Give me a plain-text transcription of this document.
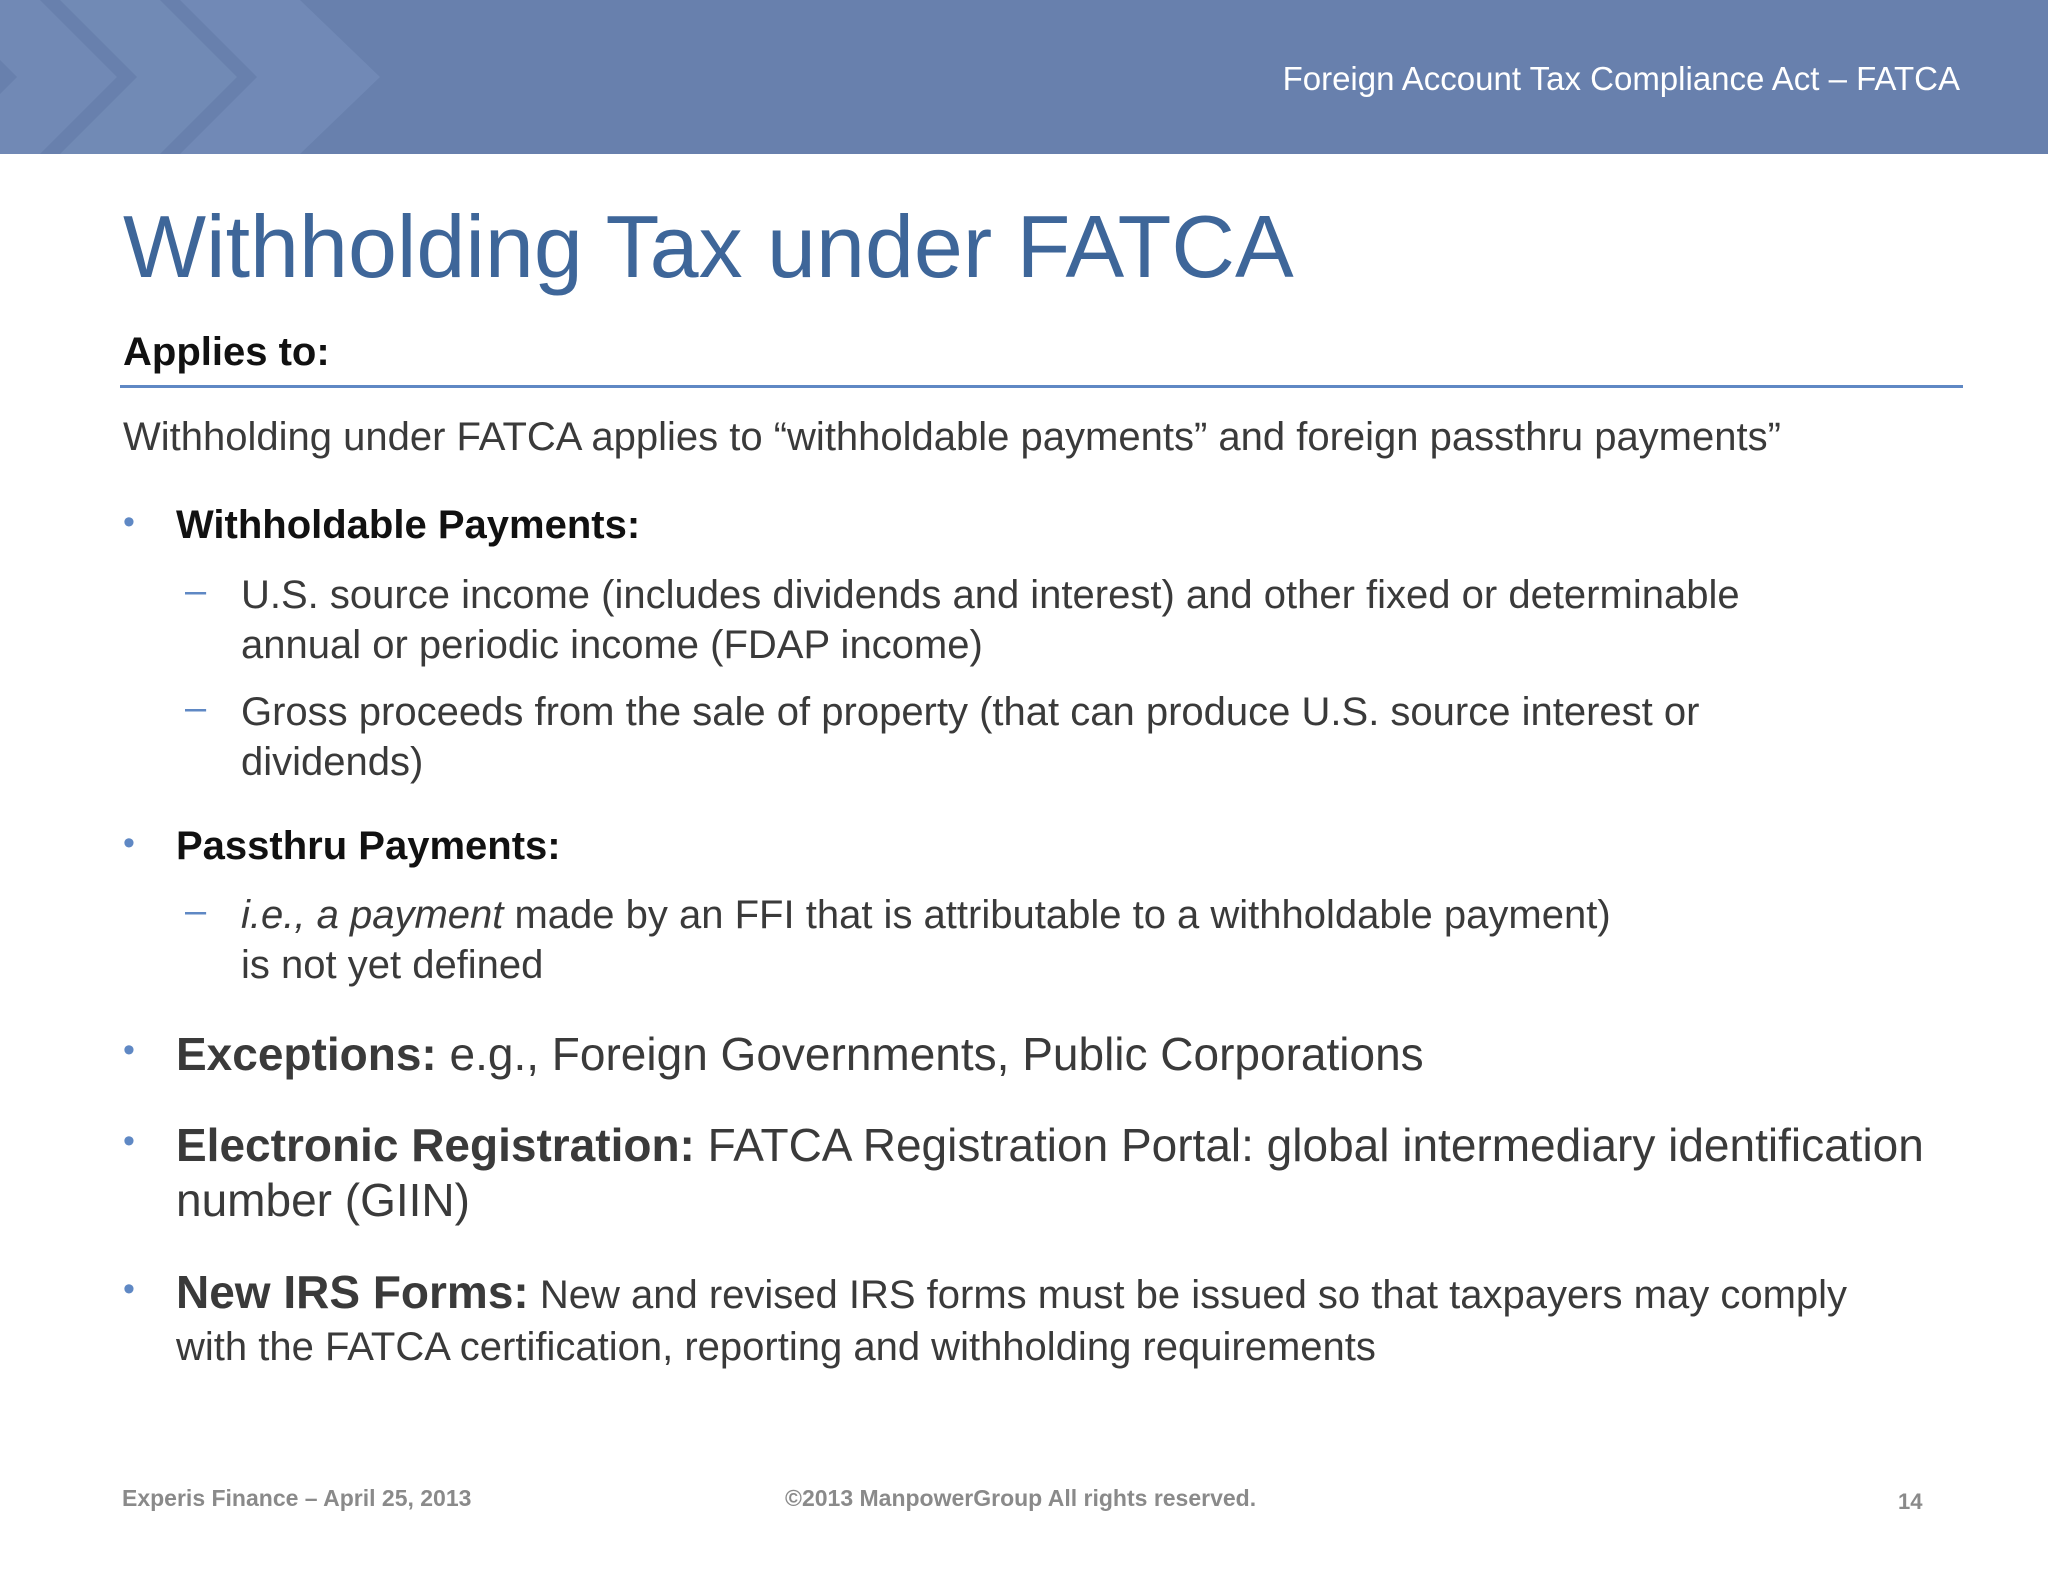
Foreign Account Tax Compliance Act – FATCA
Withholding Tax under FATCA
Applies to:
Withholding under FATCA applies to “withholdable payments” and foreign passthru payments”
• Withholdable Payments:
– U.S. source income (includes dividends and interest) and other fixed or determinable
annual or periodic income (FDAP income)
– Gross proceeds from the sale of property (that can produce U.S. source interest or
dividends)
• Passthru Payments:
– i.e., a payment made by an FFI that is attributable to a withholdable payment)
is not yet defined
• Exceptions: e.g., Foreign Governments, Public Corporations
• Electronic Registration: FATCA Registration Portal: global intermediary identification
number (GIIN)
• New IRS Forms: New and revised IRS forms must be issued so that taxpayers may comply
with the FATCA certification, reporting and withholding requirements
Experis Finance – April 25, 2013	©2013 ManpowerGroup All rights reserved.	14
